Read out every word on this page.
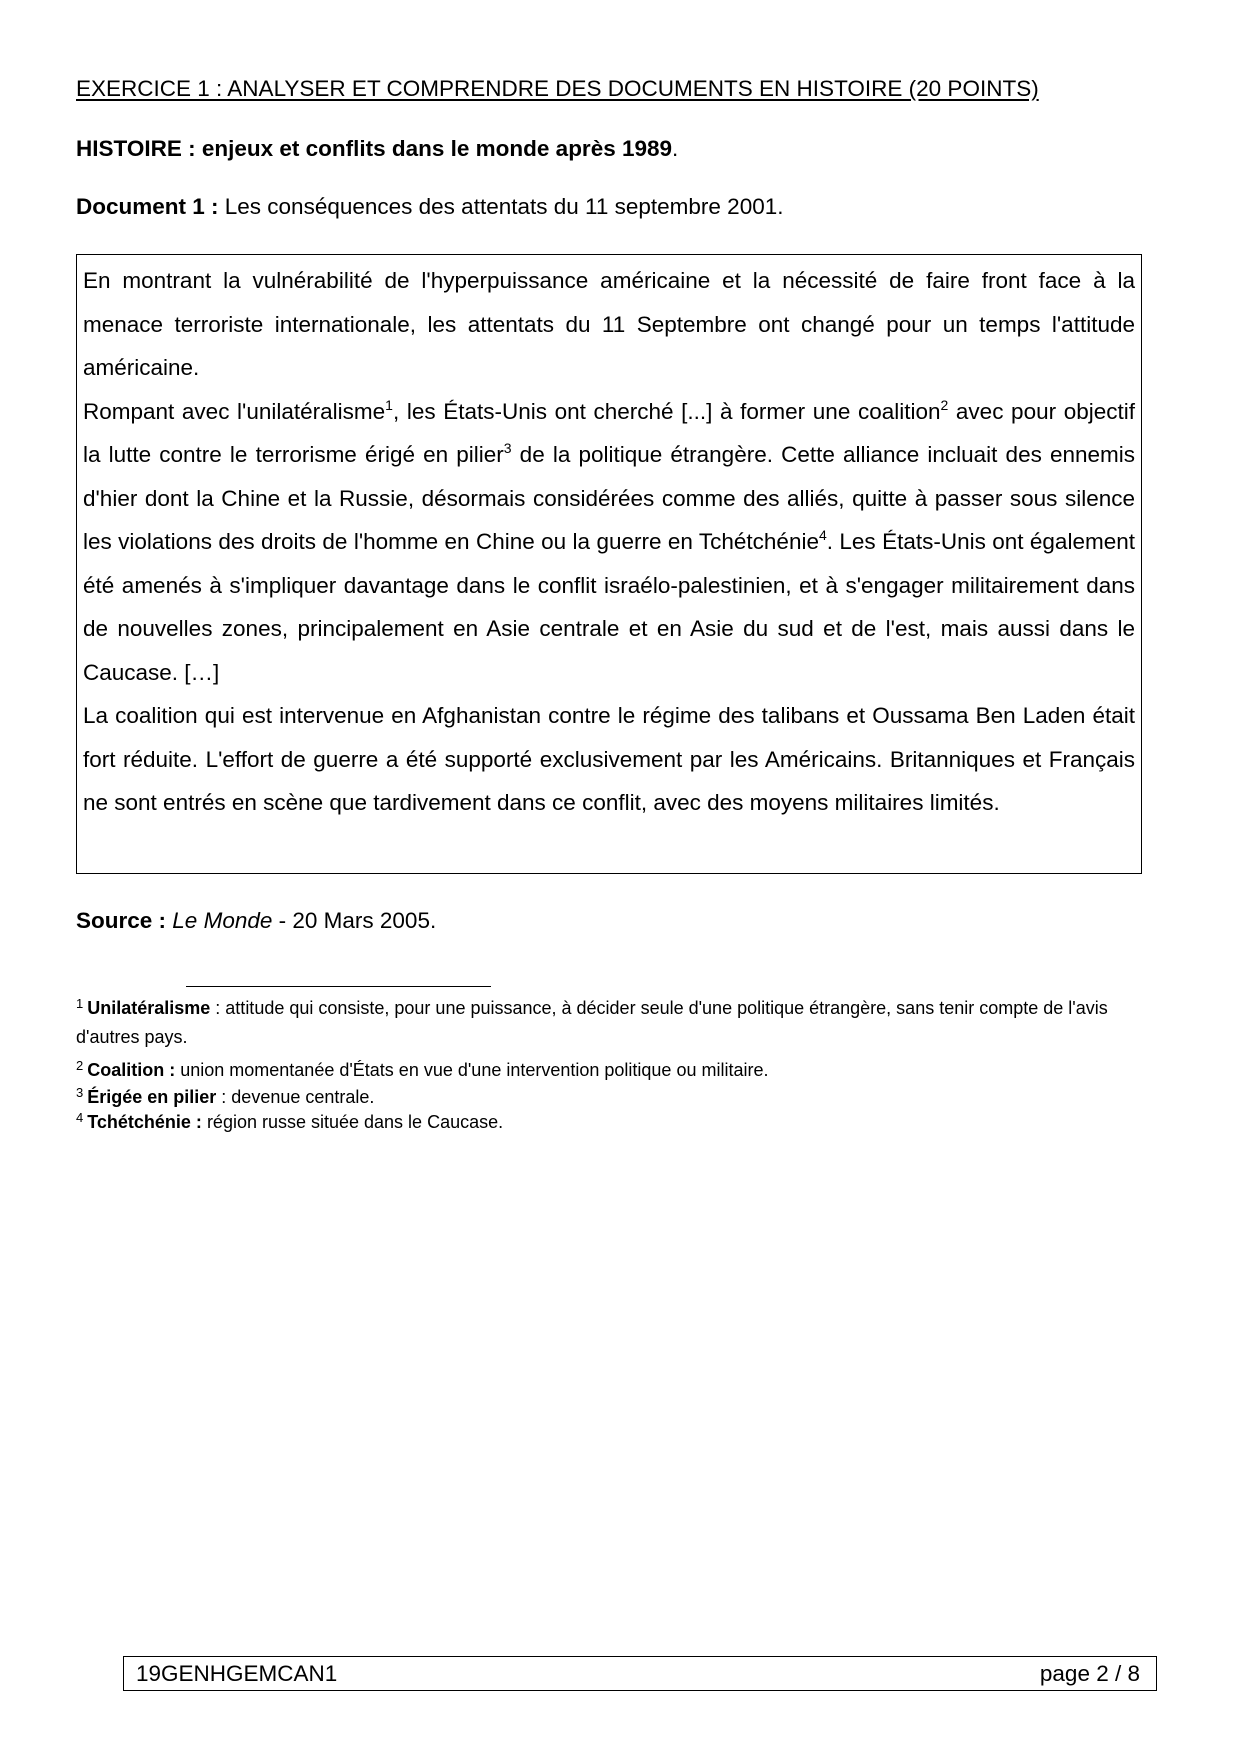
EXERCICE 1 : ANALYSER ET COMPRENDRE DES DOCUMENTS EN HISTOIRE (20 POINTS)
HISTOIRE : enjeux et conflits dans le monde après 1989.
Document 1 : Les conséquences des attentats du 11 septembre 2001.

En montrant la vulnérabilité de l'hyperpuissance américaine et la nécessité de faire front face à la menace terroriste internationale, les attentats du 11 Septembre ont changé pour un temps l'attitude américaine.

Rompant avec l'unilatéralisme$^1$, les États-Unis ont cherché [...] à former une coalition$^2$ avec pour objectif la lutte contre le terrorisme érigé en pilier$^3$ de la politique étrangère. Cette alliance incluait des ennemis d'hier dont la Chine et la Russie, désormais considérées comme des alliés, quitte à passer sous silence les violations des droits de l'homme en Chine ou la guerre en Tchétchénie$^4$. Les États-Unis ont également été amenés à s'impliquer davantage dans le conflit israélo-palestinien, et à s'engager militairement dans de nouvelles zones, principalement en Asie centrale et en Asie du sud et de l'est, mais aussi dans le Caucase. […]

La coalition qui est intervenue en Afghanistan contre le régime des talibans et Oussama Ben Laden était fort réduite. L'effort de guerre a été supporté exclusivement par les Américains. Britanniques et Français ne sont entrés en scène que tardivement dans ce conflit, avec des moyens militaires limités.

Source : Le Monde - 20 Mars 2005.

$^1$ Unilatéralisme : attitude qui consiste, pour une puissance, à décider seule d'une politique étrangère, sans tenir compte de l'avis d'autres pays.

$^2$ Coalition : union momentanée d'États en vue d'une intervention politique ou militaire.

$^3$ Érigée en pilier : devenue centrale.

$^4$ Tchétchénie : région russe située dans le Caucase.

19GENHGEMCAN1	page 2 / 8
